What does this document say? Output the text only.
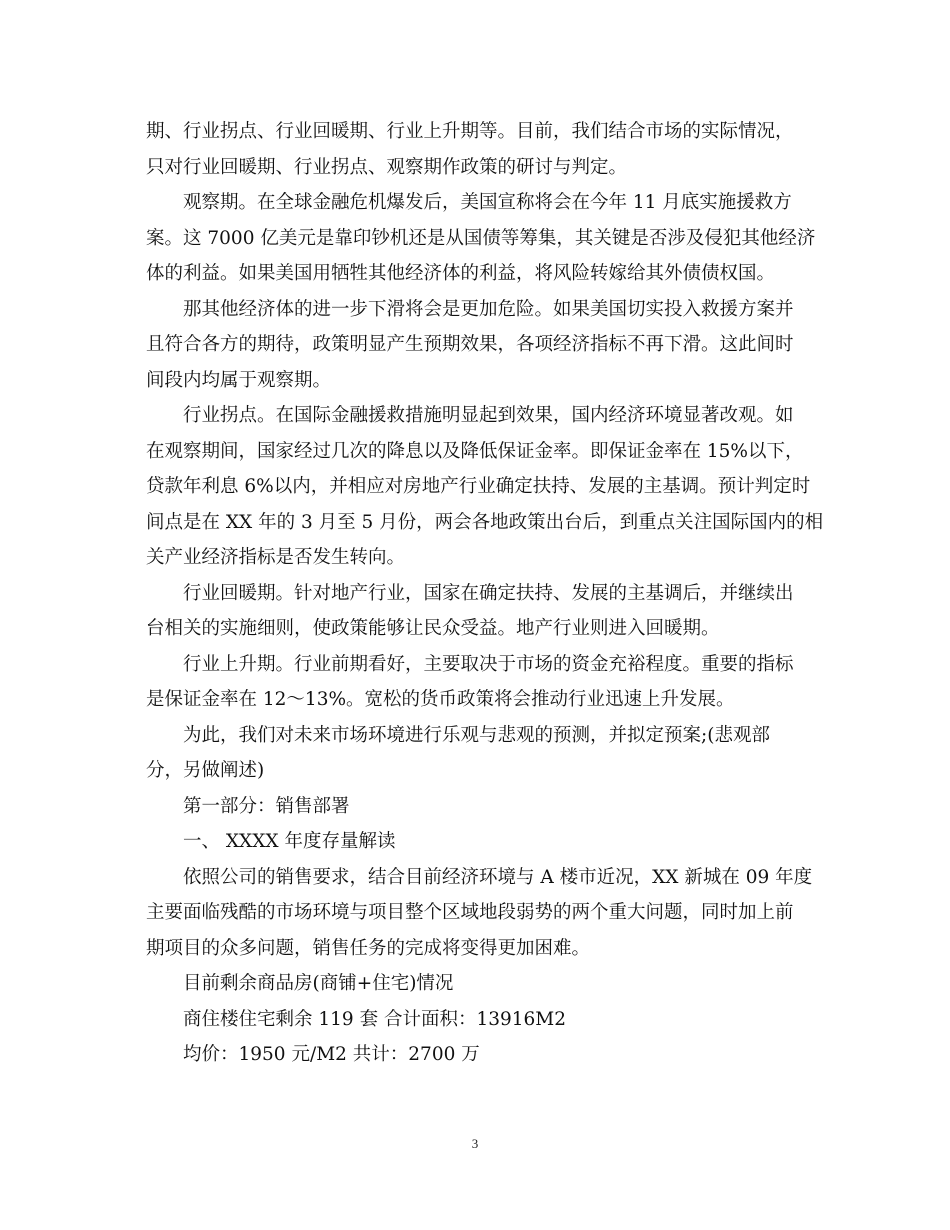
期、行业拐点、行业回暖期、行业上升期等。目前，我们结合市场的实际情况，
只对行业回暖期、行业拐点、观察期作政策的研讨与判定。
观察期。在全球金融危机爆发后，美国宣称将会在今年 11 月底实施援救方
案。这 7000 亿美元是靠印钞机还是从国债等筹集，其关键是否涉及侵犯其他经济
体的利益。如果美国用牺牲其他经济体的利益，将风险转嫁给其外债债权国。
那其他经济体的进一步下滑将会是更加危险。如果美国切实投入救援方案并
且符合各方的期待，政策明显产生预期效果，各项经济指标不再下滑。这此间时
间段内均属于观察期。
行业拐点。在国际金融援救措施明显起到效果，国内经济环境显著改观。如
在观察期间，国家经过几次的降息以及降低保证金率。即保证金率在 15%以下，
贷款年利息 6%以内，并相应对房地产行业确定扶持、发展的主基调。预计判定时
间点是在 XX 年的 3 月至 5 月份，两会各地政策出台后，到重点关注国际国内的相
关产业经济指标是否发生转向。
行业回暖期。针对地产行业，国家在确定扶持、发展的主基调后，并继续出
台相关的实施细则，使政策能够让民众受益。地产行业则进入回暖期。
行业上升期。行业前期看好，主要取决于市场的资金充裕程度。重要的指标
是保证金率在 12～13%。宽松的货币政策将会推动行业迅速上升发展。
为此，我们对未来市场环境进行乐观与悲观的预测，并拟定预案;(悲观部
分，另做阐述)
第一部分：销售部署
一、 XXXX 年度存量解读
依照公司的销售要求，结合目前经济环境与 A 楼市近况，XX 新城在 09 年度
主要面临残酷的市场环境与项目整个区域地段弱势的两个重大问题，同时加上前
期项目的众多问题，销售任务的完成将变得更加困难。
目前剩余商品房(商铺+住宅)情况
商住楼住宅剩余 119 套 合计面积：13916M2
均价：1950 元/M2 共计：2700 万
3
